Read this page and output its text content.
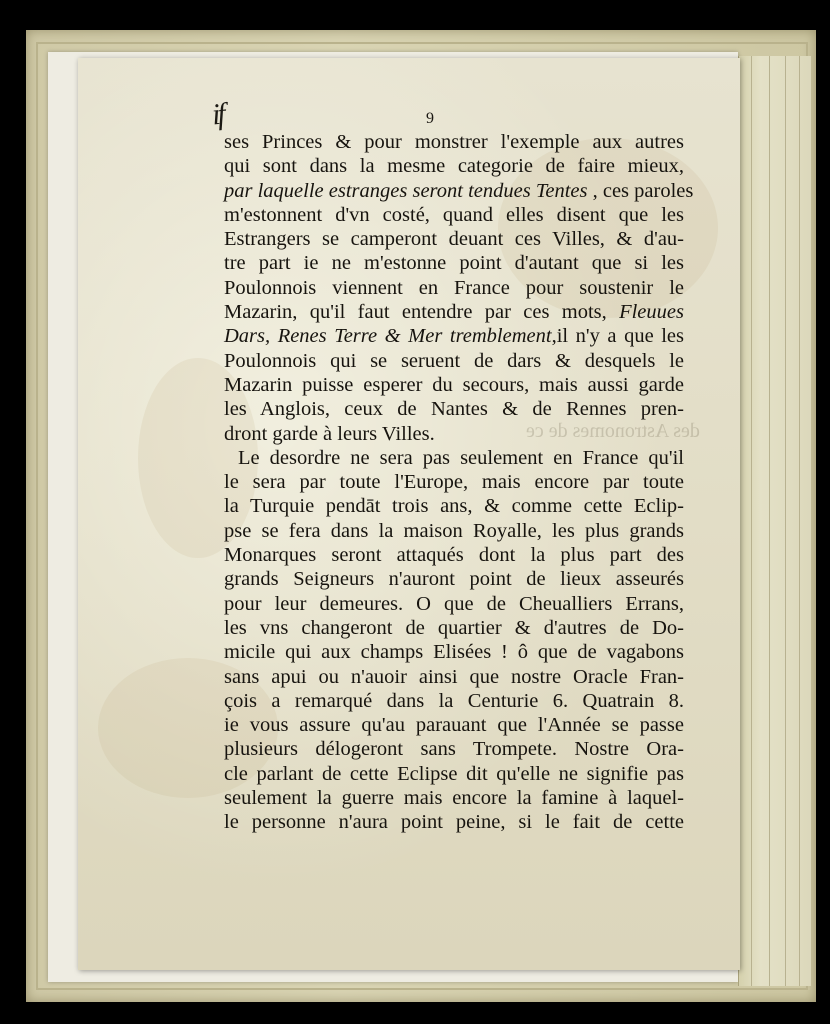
des Astronomes de ce
if	9
ses Princes & pour monstrer l'exemple aux autres
qui sont dans la mesme categorie de faire mieux,
par laquelle estranges seront tendues Tentes , ces paroles
m'estonnent d'vn costé, quand elles disent que les
Estrangers se camperont deuant ces Villes, & d'au-
tre part ie ne m'estonne point d'autant que si les
Poulonnois viennent en France pour soustenir le
Mazarin, qu'il faut entendre par ces mots, Fleuues
Dars, Renes Terre & Mer tremblement,il n'y a que les
Poulonnois qui se seruent de dars & desquels le
Mazarin puisse esperer du secours, mais aussi garde
les Anglois, ceux de Nantes & de Rennes pren-
dront garde à leurs Villes.
Le desordre ne sera pas seulement en France qu'il
le sera par toute l'Europe, mais encore par toute
la Turquie pendāt trois ans, & comme cette Eclip-
pse se fera dans la maison Royalle, les plus grands
Monarques seront attaqués dont la plus part des
grands Seigneurs n'auront point de lieux asseurés
pour leur demeures. O que de Cheualliers Errans,
les vns changeront de quartier & d'autres de Do-
micile qui aux champs Elisées ! ô que de vagabons
sans apui ou n'auoir ainsi que nostre Oracle Fran-
çois a remarqué dans la Centurie 6. Quatrain 8.
ie vous assure qu'au parauant que l'Année se passe
plusieurs délogeront sans Trompete. Nostre Ora-
cle parlant de cette Eclipse dit qu'elle ne signifie pas
seulement la guerre mais encore la famine à laquel-
le personne n'aura point peine, si le fait de cette
